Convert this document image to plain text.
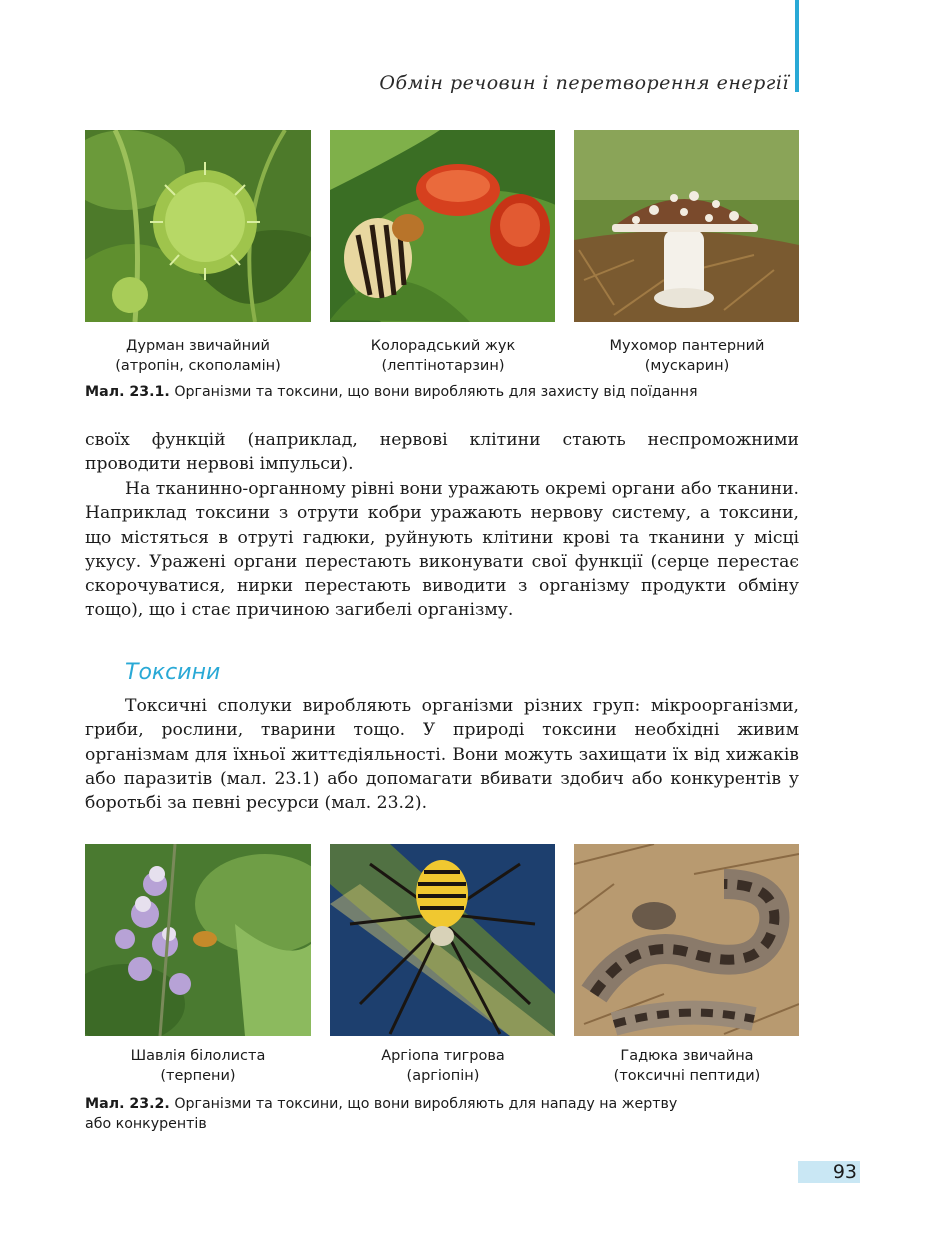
Обмін речовин і перетворення енергії
Дурман звичайний
(атропін, скополамін)
Колорадський жук
(лептінотарзин)
Мухомор пантерний
(мускарин)
Мал. 23.1. Організми та токсини, що вони виробляють для захисту від поїдання

своїх функцій (наприклад, нервові клітини стають неспроможними проводити нервові імпульси).

На тканинно-органному рівні вони уражають окремі органи або тканини. Наприклад токсини з отрути кобри уражають нервову систему, а токсини, що містяться в отруті гадюки, руйнують клітини крові та тканини у місці укусу. Уражені органи перестають виконувати свої функції (серце перестає скорочуватися, нирки перестають виводити з організму продукти обміну тощо), що і стає причиною загибелі організму.

Токсини

Токсичні сполуки виробляють організми різних груп: мікроорганізми, гриби, рослини, тварини тощо. У природі токсини необхідні живим організмам для їхньої життєдіяльності. Вони можуть захищати їх від хижаків або паразитів (мал. 23.1) або допомагати вбивати здобич або конкурентів у боротьбі за певні ресурси (мал. 23.2).

Шавлія білолиста
(терпени)
Аргіопа тигрова
(аргіопін)
Гадюка звичайна
(токсичні пептиди)
Мал. 23.2. Організми та токсини, що вони виробляють для нападу на жертву
або конкурентів
93
